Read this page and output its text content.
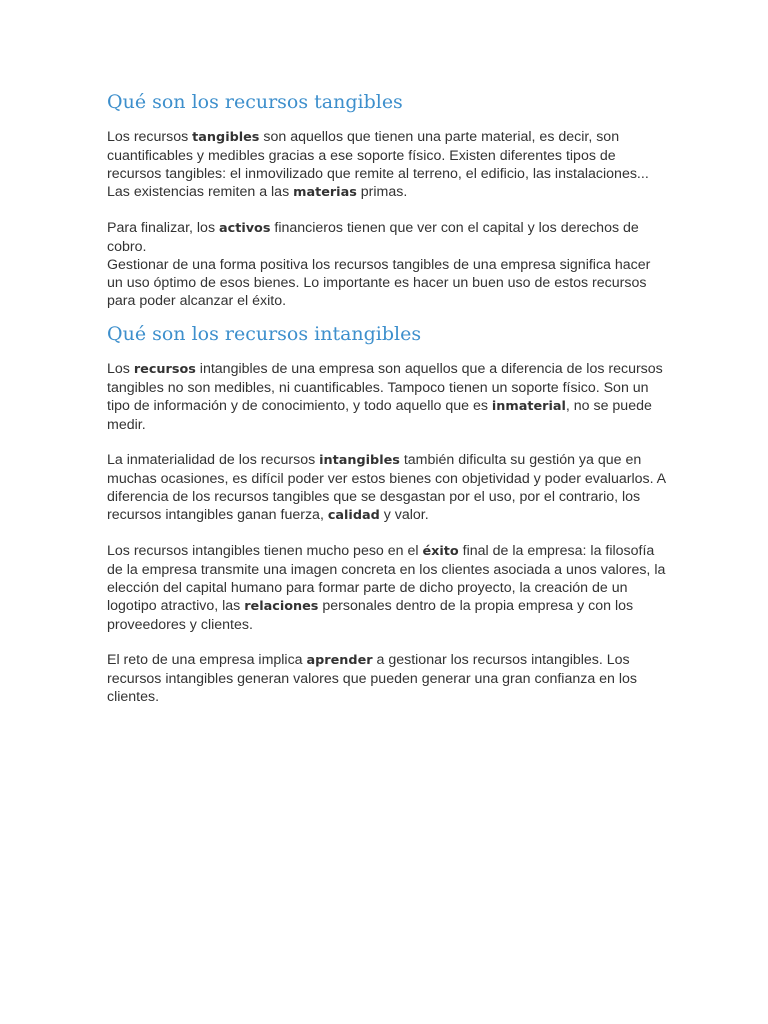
Qué son los recursos tangibles

Los recursos tangibles son aquellos que tienen una parte material, es decir, son cuantificables y medibles gracias a ese soporte físico. Existen diferentes tipos de recursos tangibles: el inmovilizado que remite al terreno, el edificio, las instalaciones... Las existencias remiten a las materias primas.

Para finalizar, los activos financieros tienen que ver con el capital y los derechos de cobro.

Gestionar de una forma positiva los recursos tangibles de una empresa significa hacer un uso óptimo de esos bienes. Lo importante es hacer un buen uso de estos recursos para poder alcanzar el éxito.

Qué son los recursos intangibles

Los recursos intangibles de una empresa son aquellos que a diferencia de los recursos tangibles no son medibles, ni cuantificables. Tampoco tienen un soporte físico. Son un tipo de información y de conocimiento, y todo aquello que es inmaterial, no se puede medir.

La inmaterialidad de los recursos intangibles también dificulta su gestión ya que en muchas ocasiones, es difícil poder ver estos bienes con objetividad y poder evaluarlos. A diferencia de los recursos tangibles que se desgastan por el uso, por el contrario, los recursos intangibles ganan fuerza, calidad y valor.

Los recursos intangibles tienen mucho peso en el éxito final de la empresa: la filosofía de la empresa transmite una imagen concreta en los clientes asociada a unos valores, la elección del capital humano para formar parte de dicho proyecto, la creación de un logotipo atractivo, las relaciones personales dentro de la propia empresa y con los proveedores y clientes.

El reto de una empresa implica aprender a gestionar los recursos intangibles. Los recursos intangibles generan valores que pueden generar una gran confianza en los clientes.
